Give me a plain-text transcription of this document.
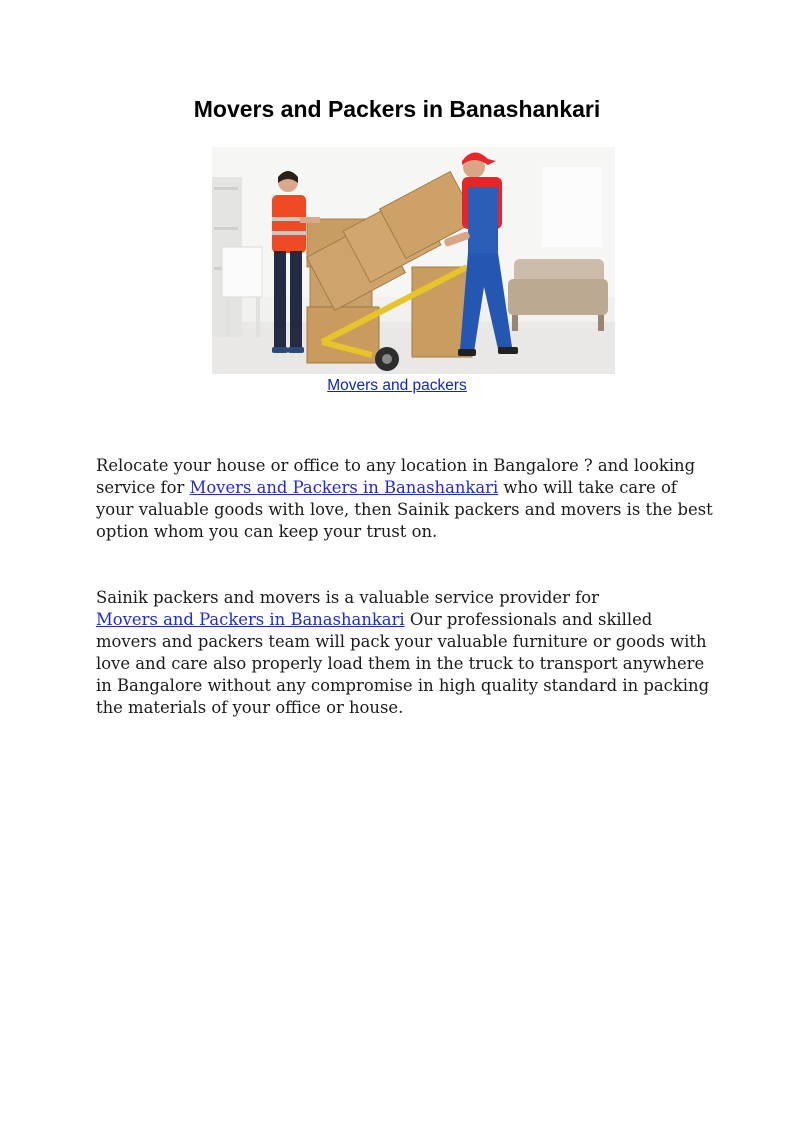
Movers and Packers in Banashankari
Movers and packers

Relocate your house or office to any location in Bangalore ? and looking service for Movers and Packers in Banashankari who will take care of your valuable goods with love, then Sainik packers and movers is the best option whom you can keep your trust on.

Sainik packers and movers is a valuable service provider for
Movers and Packers in Banashankari Our professionals and skilled movers and packers team will pack your valuable furniture or goods with love and care also properly load them in the truck to transport anywhere in Bangalore without any compromise in high quality standard in packing the materials of your office or house.
